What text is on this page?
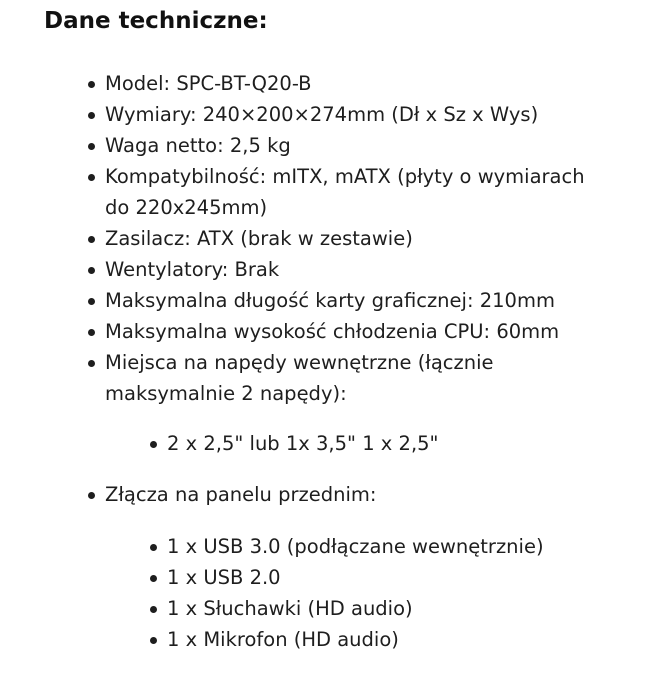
Dane techniczne:
Model: SPC-BT-Q20-B
Wymiary: 240×200×274mm (Dł x Sz x Wys)
Waga netto: 2,5 kg
Kompatybilność: mITX, mATX (płyty o wymiarach do 220x245mm)
Zasilacz: ATX (brak w zestawie)
Wentylatory: Brak
Maksymalna długość karty graficznej: 210mm
Maksymalna wysokość chłodzenia CPU: 60mm
Miejsca na napędy wewnętrzne (łącznie maksymalnie 2 napędy):
2 x 2,5" lub 1x 3,5" 1 x 2,5"
Złącza na panelu przednim:
1 x USB 3.0 (podłączane wewnętrznie)
1 x USB 2.0
1 x Słuchawki (HD audio)
1 x Mikrofon (HD audio)
